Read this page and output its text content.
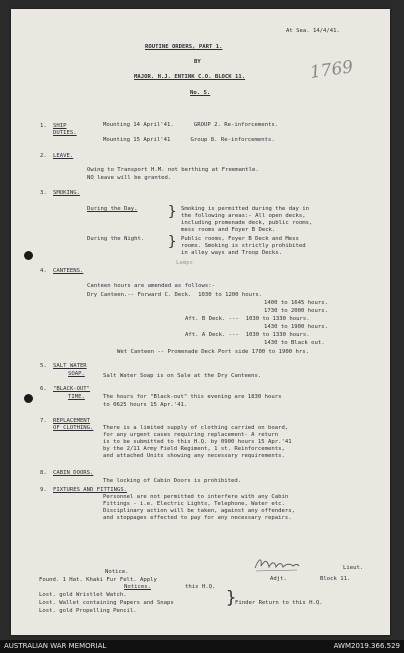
At Sea. 14/4/41.
ROUTINE ORDERS, PART 1.
BY
MAJOR. H.J. ENTINK C.O. BLOCK 11.	1769
No. 5.
1. SHIP
DUTIES.
Mounting 14 April'41.      GROUP 2. Re-inforcements.
Mounting 15 April'41      Group 8. Re-inforcements.
2. LEAVE.
Owing to Transport H.M. not berthing at Freemantle.
NO leave will be granted.
3. SMOKING.
During the Day. } Smoking is permitted during the day in
the following areas:- All open decks,
including promenade deck, public rooms,
mess rooms and Foyer B Deck.
During the Night. } Public rooms, Foyer B Deck and Mess
rooms. Smoking is strictly prohibited
in alley ways and Troop Decks.
Lamps
4. CANTEENS.
Canteen hours are amended as follows:-
Dry Canteen.-- Forward C. Deck.  1030 to 1200 hours.
1400 to 1645 hours.
1730 to 2000 hours.
Aft. B Deck. ---  1030 to 1330 hours.
1430 to 1900 hours.
Aft. A Deck. ---  1030 to 1330 hours.
1430 to Black out.
Wet Canteen -- Promenade Deck Port side 1700 to 1900 hrs.
5. SALT WATER
SOAP.	Salt Water Soap is on Sale at the Dry Canteens.
6. "BLACK-OUT"
TIME.	The hours for "Black-out" this evening are 1830 hours
to 0625 hours 15 Apr.'41.
7. REPLACEMENT
OF CLOTHING. There is a limited supply of clothing carried on board,
for any urgent cases requiring replacement- A return
is to be submitted to this H.Q. by 0900 hours 15 Apr.'41
by the 2/11 Army Field Regiment, 1 st. Reinforcements,
and attached Units showing any necessary requirements.
8. CABIN DOORS.
The locking of Cabin Doors is prohibited.
9. FIXTURES AND FITTINGS.
Personnel are not permitted to interfere with any Cabin
Fittings - i.e. Electric Lights, Telephone, Water etc.
Disciplinary action will be taken, against any offenders,
and stoppages effected to pay for any necessary repairs.
Lieut.
Adjt.	Block 11.
Notice.
Found. 1 Hat. Khaki Fur Felt. Apply
Notices.	this H.Q.
Lost. gold Wristlet Watch.
Lost. Wallet containing Papers and Snaps
Lost. gold Propelling Pencil.
}
Finder Return to this H.Q.
AUSTRALIAN WAR MEMORIAL	AWM2019.366.529
